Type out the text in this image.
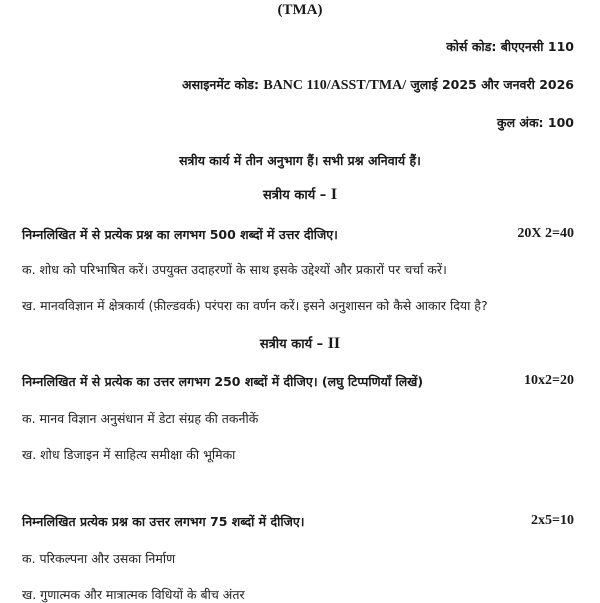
(TMA)
कोर्स कोड: बीएएनसी 110
असाइनमेंट कोड: BANC 110/ASST/TMA/ जुलाई 2025 और जनवरी 2026
कुल अंक: 100
सत्रीय कार्य में तीन अनुभाग हैं। सभी प्रश्न अनिवार्य हैं।
सत्रीय कार्य – I
निम्नलिखित में से प्रत्येक प्रश्न का लगभग 500 शब्दों में उत्तर दीजिए।	20X 2=40
क. शोध को परिभाषित करें। उपयुक्त उदाहरणों के साथ इसके उद्देश्यों और प्रकारों पर चर्चा करें।
ख. मानवविज्ञान में क्षेत्रकार्य (फ़ील्डवर्क) परंपरा का वर्णन करें। इसने अनुशासन को कैसे आकार दिया है?
सत्रीय कार्य – II
निम्नलिखित में से प्रत्येक का उत्तर लगभग 250 शब्दों में दीजिए। (लघु टिप्पणियाँ लिखें)	10x2=20
क. मानव विज्ञान अनुसंधान में डेटा संग्रह की तकनीकें
ख. शोध डिजाइन में साहित्य समीक्षा की भूमिका
निम्नलिखित प्रत्येक प्रश्न का उत्तर लगभग 75 शब्दों में दीजिए।	2x5=10
क. परिकल्पना और उसका निर्माण
ख. गुणात्मक और मात्रात्मक विधियों के बीच अंतर
